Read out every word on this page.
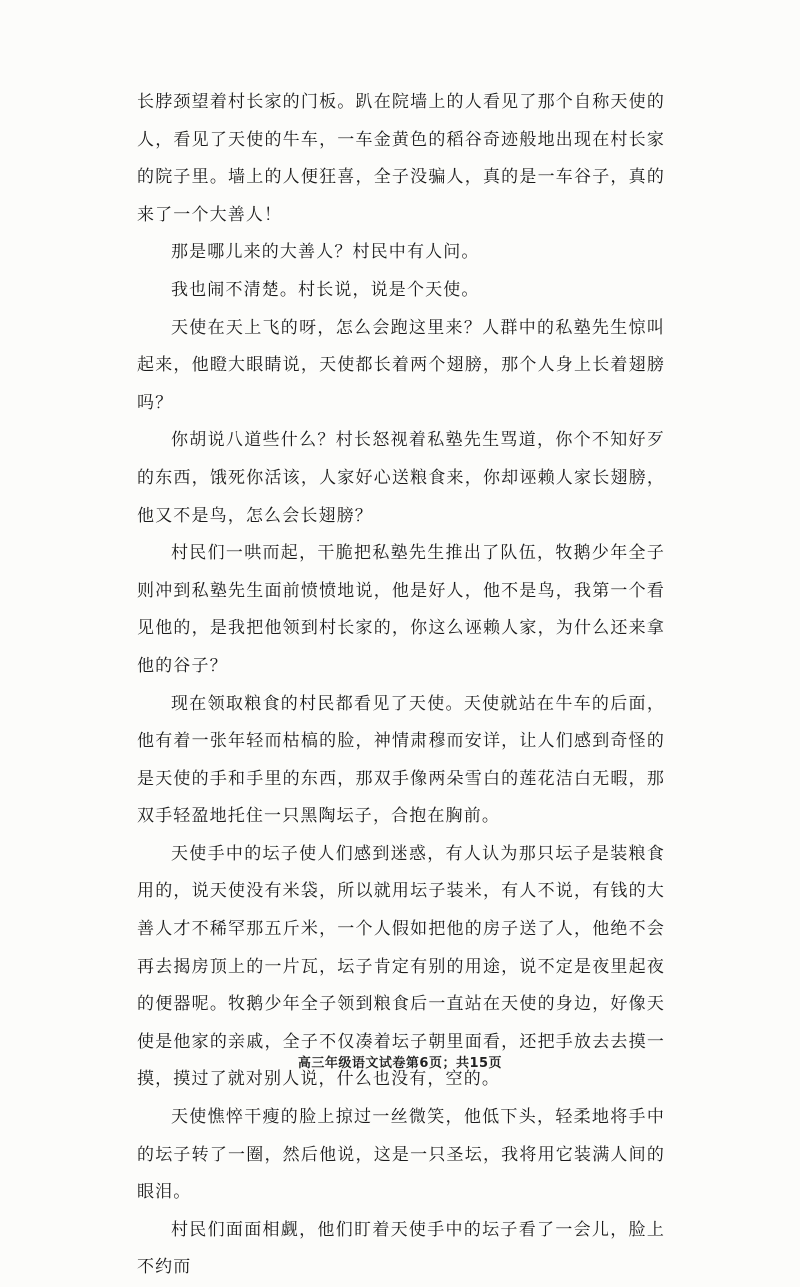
长脖颈望着村长家的门板。趴在院墙上的人看见了那个自称天使的人，看见了天使的牛车，一车金黄色的稻谷奇迹般地出现在村长家的院子里。墙上的人便狂喜，全子没骗人，真的是一车谷子，真的来了一个大善人！

那是哪儿来的大善人？村民中有人问。

我也闹不清楚。村长说，说是个天使。

天使在天上飞的呀，怎么会跑这里来？人群中的私塾先生惊叫起来，他瞪大眼睛说，天使都长着两个翅膀，那个人身上长着翅膀吗？

你胡说八道些什么？村长怒视着私塾先生骂道，你个不知好歹的东西，饿死你活该，人家好心送粮食来，你却诬赖人家长翅膀，他又不是鸟，怎么会长翅膀？

村民们一哄而起，干脆把私塾先生推出了队伍，牧鹅少年全子则冲到私塾先生面前愤愤地说，他是好人，他不是鸟，我第一个看见他的，是我把他领到村长家的，你这么诬赖人家，为什么还来拿他的谷子？

现在领取粮食的村民都看见了天使。天使就站在牛车的后面，他有着一张年轻而枯槁的脸，神情肃穆而安详，让人们感到奇怪的是天使的手和手里的东西，那双手像两朵雪白的莲花洁白无暇，那双手轻盈地托住一只黑陶坛子，合抱在胸前。

天使手中的坛子使人们感到迷惑，有人认为那只坛子是装粮食用的，说天使没有米袋，所以就用坛子装米，有人不说，有钱的大善人才不稀罕那五斤米，一个人假如把他的房子送了人，他绝不会再去揭房顶上的一片瓦，坛子肯定有别的用途，说不定是夜里起夜的便器呢。牧鹅少年全子领到粮食后一直站在天使的身边，好像天使是他家的亲戚，全子不仅凑着坛子朝里面看，还把手放去去摸一摸，摸过了就对别人说，什么也没有，空的。

天使憔悴干瘦的脸上掠过一丝微笑，他低下头，轻柔地将手中的坛子转了一圈，然后他说，这是一只圣坛，我将用它装满人间的眼泪。

村民们面面相觑，他们盯着天使手中的坛子看了一会儿，脸上不约而

高三年级语文试卷第6页；共15页
